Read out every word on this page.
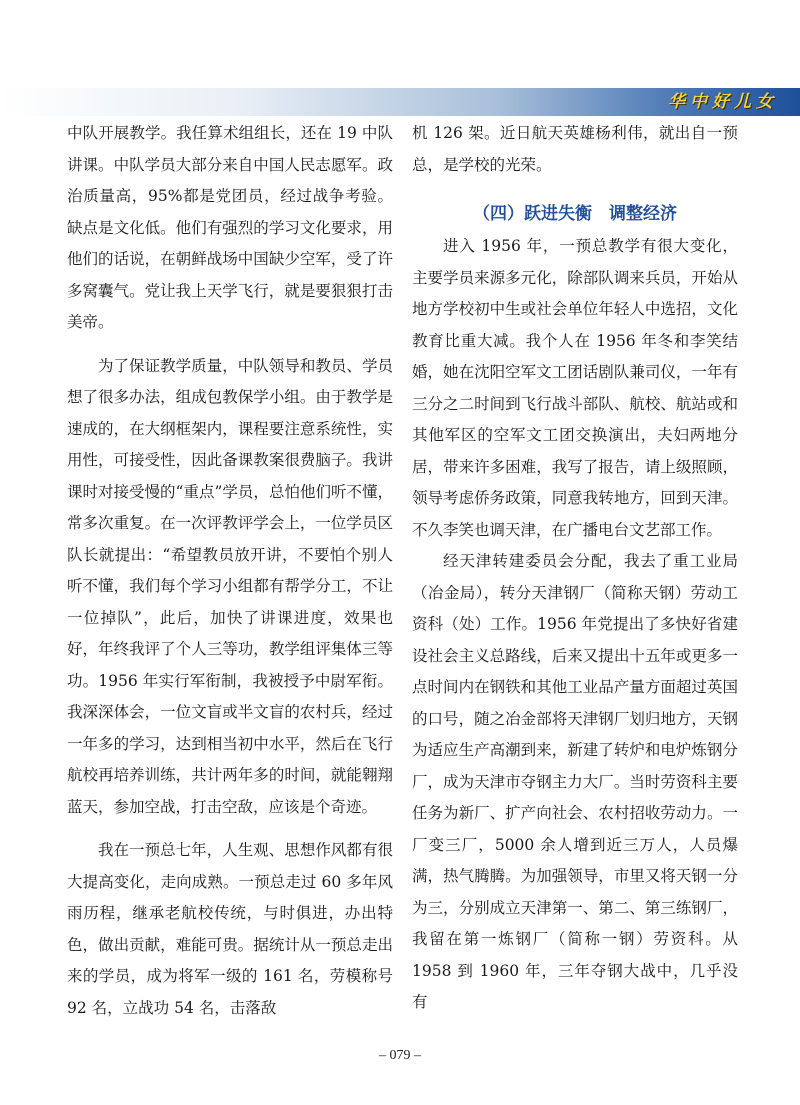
华中好儿女

中队开展教学。我任算术组组长，还在 19 中队讲课。中队学员大部分来自中国人民志愿军。政治质量高，95%都是党团员，经过战争考验。缺点是文化低。他们有强烈的学习文化要求，用他们的话说，在朝鲜战场中国缺少空军，受了许多窝囊气。党让我上天学飞行，就是要狠狠打击美帝。

为了保证教学质量，中队领导和教员、学员想了很多办法，组成包教保学小组。由于教学是速成的，在大纲框架内，课程要注意系统性，实用性，可接受性，因此备课教案很费脑子。我讲课时对接受慢的“重点”学员，总怕他们听不懂，常多次重复。在一次评教评学会上，一位学员区队长就提出：“希望教员放开讲，不要怕个别人听不懂，我们每个学习小组都有帮学分工，不让一位掉队”，此后，加快了讲课进度，效果也好，年终我评了个人三等功，教学组评集体三等功。1956 年实行军衔制，我被授予中尉军衔。我深深体会，一位文盲或半文盲的农村兵，经过一年多的学习，达到相当初中水平，然后在飞行航校再培养训练，共计两年多的时间，就能翱翔蓝天，参加空战，打击空敌，应该是个奇迹。

我在一预总七年，人生观、思想作风都有很大提高变化，走向成熟。一预总走过 60 多年风雨历程，继承老航校传统，与时俱进，办出特色，做出贡献，难能可贵。据统计从一预总走出来的学员，成为将军一级的 161 名，劳模称号 92 名，立战功 54 名，击落敌

机 126 架。近日航天英雄杨利伟，就出自一预总，是学校的光荣。

（四）跃进失衡　调整经济

进入 1956 年，一预总教学有很大变化，主要学员来源多元化，除部队调来兵员，开始从地方学校初中生或社会单位年轻人中选招，文化教育比重大减。我个人在 1956 年冬和李笑结婚，她在沈阳空军文工团话剧队兼司仪，一年有三分之二时间到飞行战斗部队、航校、航站或和其他军区的空军文工团交换演出，夫妇两地分居，带来许多困难，我写了报告，请上级照顾，领导考虑侨务政策，同意我转地方，回到天津。不久李笑也调天津，在广播电台文艺部工作。

经天津转建委员会分配，我去了重工业局（冶金局），转分天津钢厂（简称天钢）劳动工资科（处）工作。1956 年党提出了多快好省建设社会主义总路线，后来又提出十五年或更多一点时间内在钢铁和其他工业品产量方面超过英国的口号，随之冶金部将天津钢厂划归地方，天钢为适应生产高潮到来，新建了转炉和电炉炼钢分厂，成为天津市夺钢主力大厂。当时劳资科主要任务为新厂、扩产向社会、农村招收劳动力。一厂变三厂，5000 余人增到近三万人，人员爆满，热气腾腾。为加强领导，市里又将天钢一分为三，分别成立天津第一、第二、第三练钢厂，我留在第一炼钢厂（简称一钢）劳资科。从 1958 到 1960 年，三年夺钢大战中，几乎没有

– 079 –
